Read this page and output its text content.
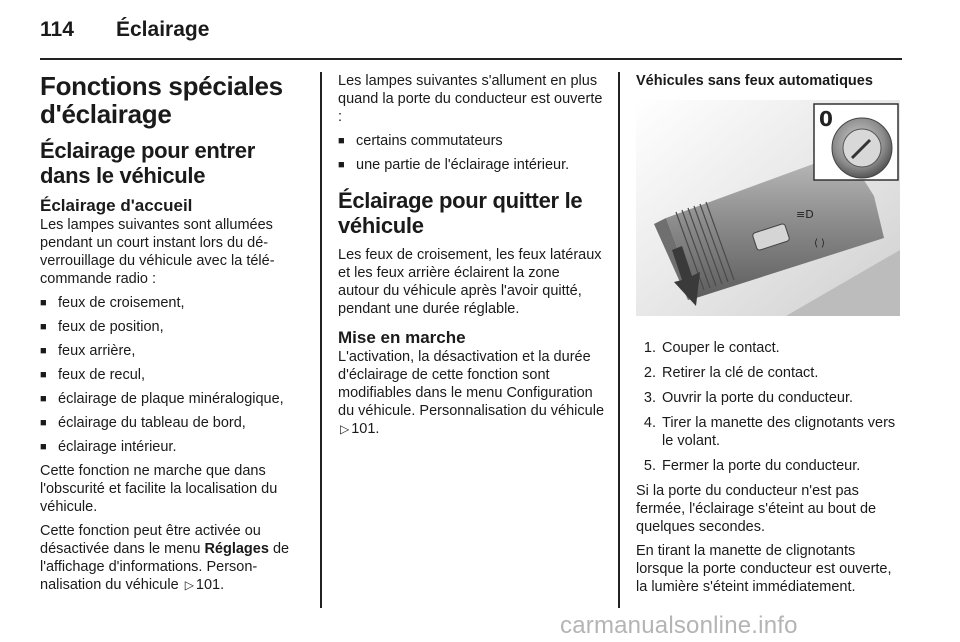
114	Éclairage
Fonctions spéciales
d'éclairage
Éclairage pour entrer dans le véhicule
Éclairage d'accueil

Les lampes suivantes sont allumées pendant un court instant lors du déverrouillage du véhicule avec la télécommande radio :

■ feux de croisement,
■ feux de position,
■ feux arrière,
■ feux de recul,
■ éclairage de plaque minéralogique,
■ éclairage du tableau de bord,
■ éclairage intérieur.

Cette fonction ne marche que dans l'obscurité et facilite la localisation du véhicule.

Cette fonction peut être activée ou désactivée dans le menu Réglages de l'affichage d'informations. Personnalisation du véhicule ▷ 101.

Les lampes suivantes s'allument en plus quand la porte du conducteur est ouverte :

■ certains commutateurs
■ une partie de l'éclairage intérieur.
Éclairage pour quitter le véhicule

Les feux de croisement, les feux latéraux et les feux arrière éclairent la zone autour du véhicule après l'avoir quitté, pendant une durée réglable.

Mise en marche

L'activation, la désactivation et la durée d'éclairage de cette fonction sont modifiables dans le menu Configuration du véhicule. Personnalisation du véhicule ▷ 101.

Véhicules sans feux automatiques
≡D
⟨ ⟩
0
1. Couper le contact.
2. Retirer la clé de contact.
3. Ouvrir la porte du conducteur.
4. Tirer la manette des clignotants vers le volant.
5. Fermer la porte du conducteur.

Si la porte du conducteur n'est pas fermée, l'éclairage s'éteint au bout de quelques secondes.

En tirant la manette de clignotants lorsque la porte conducteur est ouverte, la lumière s'éteint immédiatement.

carmanualsonline.info
